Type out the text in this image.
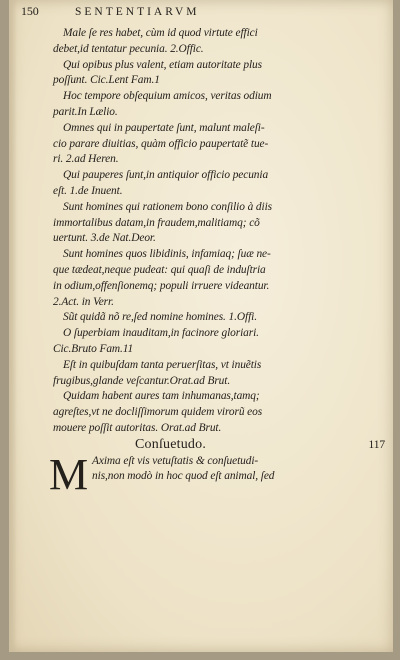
150	SENTENTIARVM
Male ſe res habet, cùm id quod virtute effici
debet,id tentatur pecunia. 2.Offic.
Qui opibus plus valent, etiam autoritate plus
poſſunt. Cic.Lent Fam.1
Hoc tempore obſequium amicos, veritas odium
parit.In Lælio.
Omnes qui in paupertate ſunt, malunt maleſi-
cio parare diuitias, quàm officio paupertatẽ tue-
ri. 2.ad Heren.
Qui pauperes ſunt,in antiquior officio pecunia
eſt. 1.de Inuent.
Sunt homines qui rationem bono conſilio à diis
immortalibus datam,in fraudem,malitiamq; cõ
uertunt. 3.de Nat.Deor.
Sunt homines quos libidinis, infamiaq; ſuæ ne-
que tædeat,neque pudeat: qui quaſi de induſtria
in odium,offenſionemq; populi irruere videantur.
2.Act. in Verr.
Sũt quidã nõ re,ſed nomine homines. 1.Offi.
O ſuperbiam inauditam,in facinore gloriari.
Cic.Bruto Fam.11
Eſt in quibuſdam tanta peruerſitas, vt inuẽtis
frugibus,glande veſcantur.Orat.ad Brut.
Quidam habent aures tam inhumanas,tamq;
agreſtes,vt ne docliſſimorum quidem virorũ eos
mouere poſſit autoritas. Orat.ad Brut.
Conſuetudo.	117
M Axima eſt vis vetuſtatis & conſuetudi-
nis,non modò in hoc quod eſt animal, ſed
